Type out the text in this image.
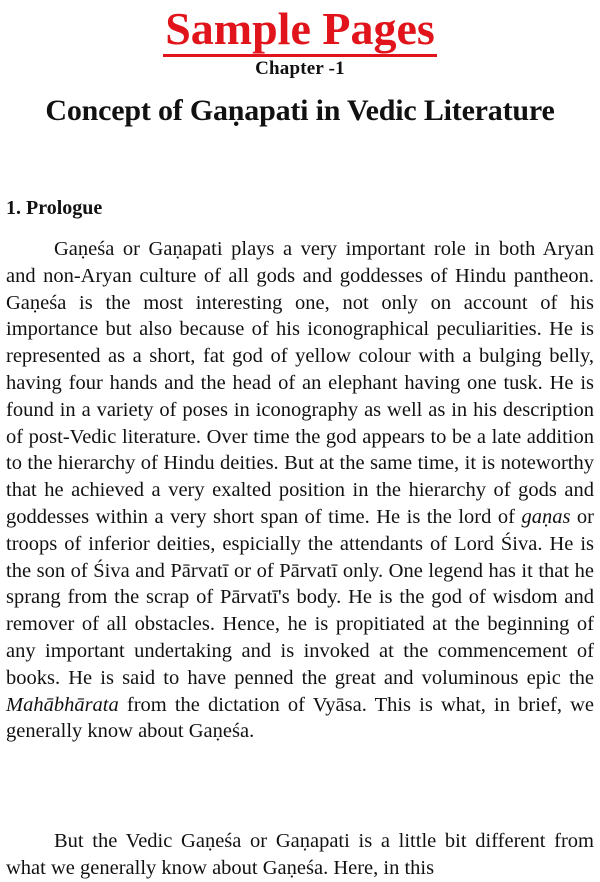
Sample Pages
Chapter -1
Concept of Gaṇapati in Vedic Literature
1. Prologue

Gaṇeśa or Gaṇapati plays a very important role in both Aryan and non-Aryan culture of all gods and goddesses of Hindu pantheon. Gaṇeśa is the most interesting one, not only on account of his importance but also because of his iconographical peculiarities. He is represented as a short, fat god of yellow colour with a bulging belly, having four hands and the head of an elephant having one tusk. He is found in a variety of poses in iconography as well as in his description of post-Vedic literature. Over time the god appears to be a late addition to the hierarchy of Hindu deities. But at the same time, it is noteworthy that he achieved a very exalted position in the hierarchy of gods and goddesses within a very short span of time. He is the lord of gaṇas or troops of inferior deities, espicially the attendants of Lord Śiva. He is the son of Śiva and Pārvatī or of Pārvatī only. One legend has it that he sprang from the scrap of Pārvatī's body. He is the god of wisdom and remover of all obstacles. Hence, he is propitiated at the beginning of any important undertaking and is invoked at the commencement of books. He is said to have penned the great and voluminous epic the Mahābhārata from the dictation of Vyāsa. This is what, in brief, we generally know about Gaṇeśa.

But the Vedic Gaṇeśa or Gaṇapati is a little bit different from what we generally know about Gaṇeśa. Here, in this
